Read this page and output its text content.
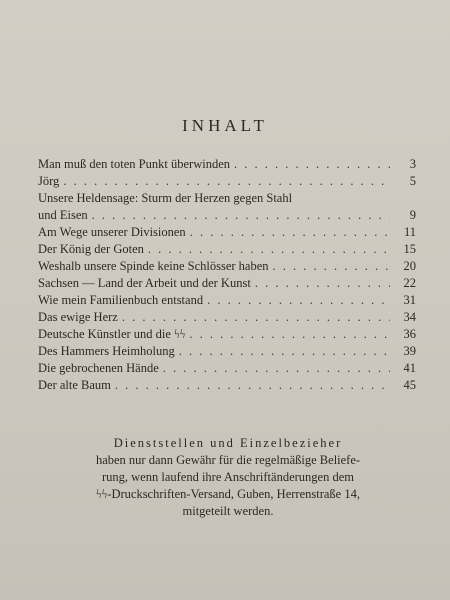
INHALT
Man muß den toten Punkt überwinden . . .	3
Jörg . . .	5
Unsere Heldensage: Sturm der Herzen gegen Stahl
und Eisen . . .	9
Am Wege unserer Divisionen . . .	11
Der König der Goten . . .	15
Weshalb unsere Spinde keine Schlösser haben . . .	20
Sachsen — Land der Arbeit und der Kunst . . .	22
Wie mein Familienbuch entstand . . .	31
Das ewige Herz . . .	34
Deutsche Künstler und die ϟϟ . . .	36
Des Hammers Heimholung . . .	39
Die gebrochenen Hände . . .	41
Der alte Baum . . .	45
Dienststellen und Einzelbezieher
haben nur dann Gewähr für die regelmäßige Beliefe-
rung, wenn laufend ihre Anschriftänderungen dem
ϟϟ-Druckschriften-Versand, Guben, Herrenstraße 14,
mitgeteilt werden.
